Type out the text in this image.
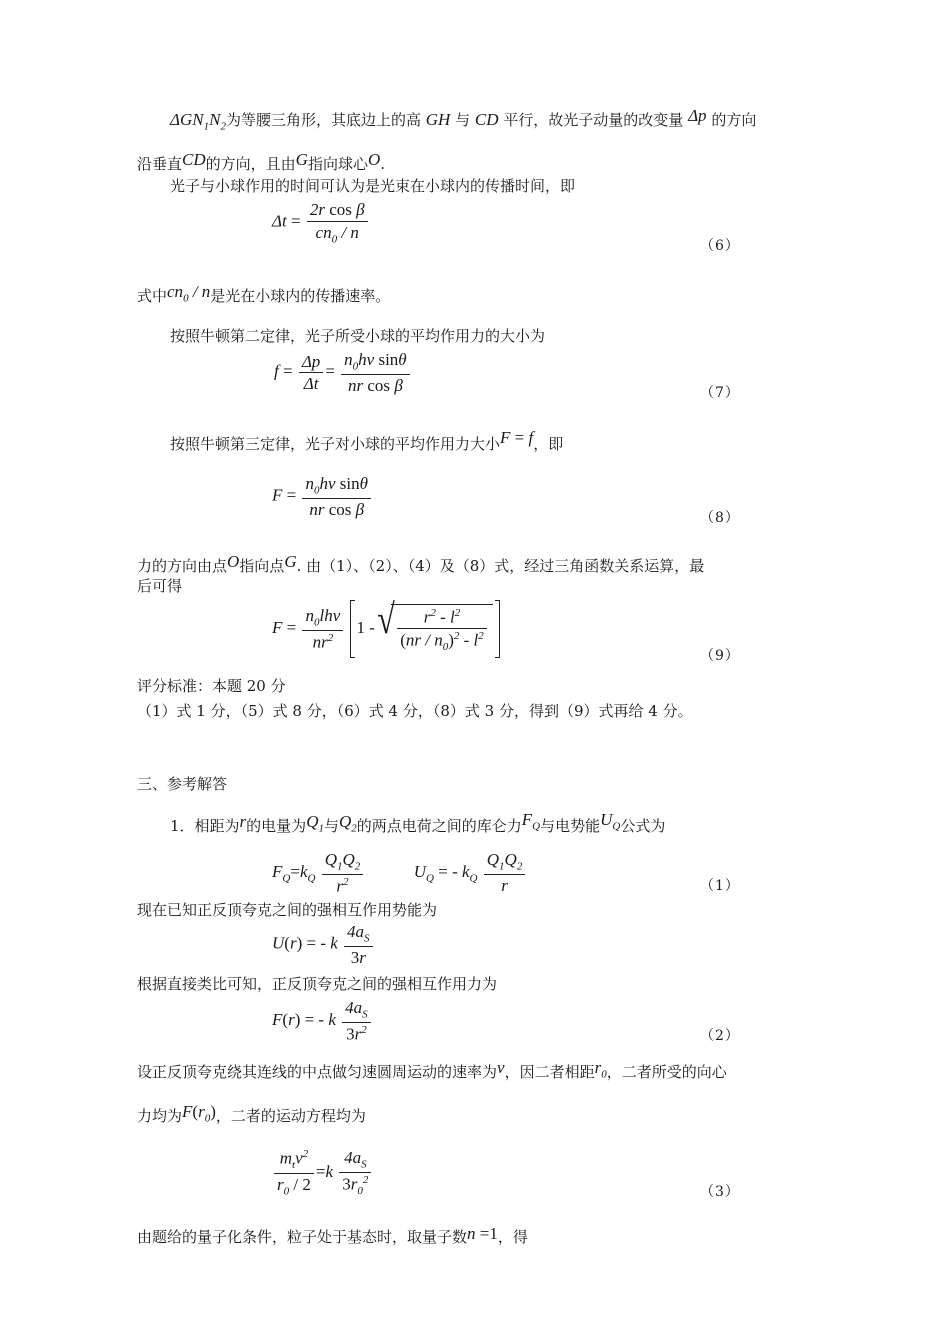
$\Delta GN_1N_2$为等腰三角形，其底边上的高 GH 与 CD 平行，故光子动量的改变量 Δp 的方向
沿垂直CD的方向，且由G指向球心O.
光子与小球作用的时间可认为是光束在小球内的传播时间，即
$\Delta t = \frac{\text{2r cos β}}{cn_0 / n}$
（6）
式中$cn_0$ / n是光在小球内的传播速率。
按照牛顿第二定律，光子所受小球的平均作用力的大小为
$f = \frac{\Delta p}{\Delta t} = \frac{n_0h\nu \sin\theta}{\text{nr cos β}}$	（7）
按照牛顿第三定律，光子对小球的平均作用力大小F = f，即
$F = \frac{n_0h\nu \sin\theta}{\text{nr cos β}}$	（8）
力的方向由点O指向点G. 由（1）、（2）、（4）及（8）式，经过三角函数关系运算，最
后可得
$F = \frac{n_0lh\nu}{nr^2} 1$ -
√ $\frac{r^2 - l^2}{(nr / n_0)^2 - l^2}$
（9）
评分标准：本题 20 分
（1）式 1 分，（5）式 8 分，（6）式 4 分，（8）式 3 分，得到（9）式再给 4 分。
三、参考解答
1．相距为r的电量为$Q_1$与$Q_2$的两点电荷之间的库仑力$F_Q$与电势能$U_Q$公式为
$F_Q=k_Q \frac{Q_1Q_2}{r^2}$	$U_Q$ = - $k_Q \frac{Q_1Q_2}{r}$	（1）
现在已知正反顶夸克之间的强相互作用势能为
U(r) = - k $\frac{4a_S}{3r}$
根据直接类比可知，正反顶夸克之间的强相互作用力为
F(r) = - k $\frac{4a_S}{3r^2}$	（2）
设正反顶夸克绕其连线的中点做匀速圆周运动的速率为v，因二者相距$r_0$，二者所受的向心
力均为$F(r_0)$，二者的运动方程均为
$\frac{m_tv^2}{r_0 / 2} =k \frac{4a_S}{3r_0^2}$	（3）
由题给的量子化条件，粒子处于基态时，取量子数n =1，得
